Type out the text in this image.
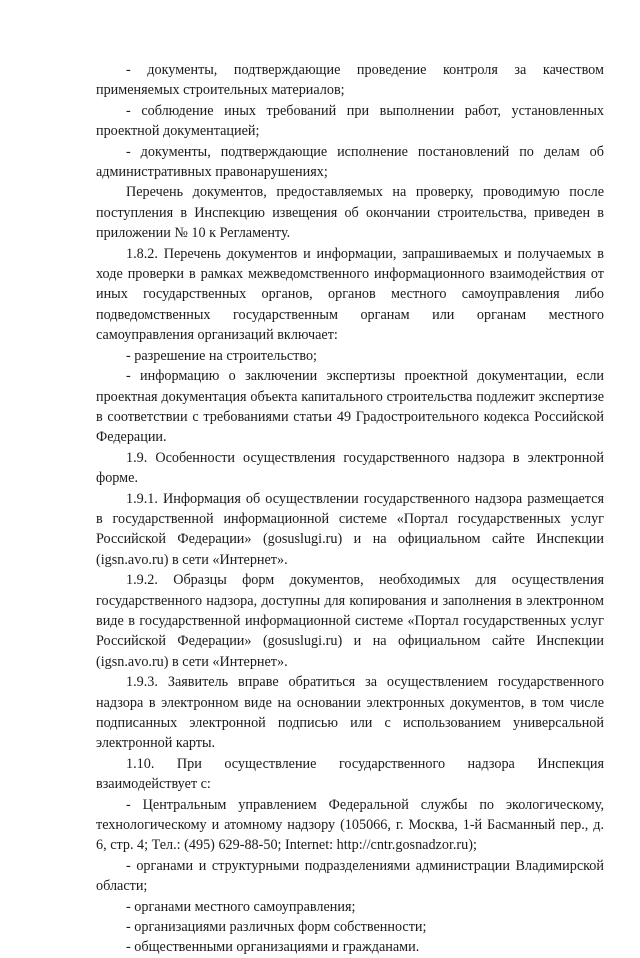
- документы, подтверждающие проведение контроля за качеством применяемых строительных материалов;

- соблюдение иных требований при выполнении работ, установленных проектной документацией;

- документы, подтверждающие исполнение постановлений по делам об административных правонарушениях;

Перечень документов, предоставляемых на проверку, проводимую после поступления в Инспекцию извещения об окончании строительства, приведен в приложении № 10 к Регламенту.

1.8.2. Перечень документов и информации, запрашиваемых и получаемых в ходе проверки в рамках межведомственного информационного взаимодействия от иных государственных органов, органов местного самоуправления либо подведомственных государственным органам или органам местного самоуправления организаций включает:

- разрешение на строительство;

- информацию о заключении экспертизы проектной документации, если проектная документация объекта капитального строительства подлежит экспертизе в соответствии с требованиями статьи 49 Градостроительного кодекса Российской Федерации.

1.9. Особенности осуществления государственного надзора в электронной форме.

1.9.1. Информация об осуществлении государственного надзора размещается в государственной информационной системе «Портал государственных услуг Российской Федерации» (gosuslugi.ru) и на официальном сайте Инспекции (igsn.avo.ru) в сети «Интернет».

1.9.2. Образцы форм документов, необходимых для осуществления государственного надзора, доступны для копирования и заполнения в электронном виде в государственной информационной системе «Портал государственных услуг Российской Федерации» (gosuslugi.ru) и на официальном сайте Инспекции (igsn.avo.ru) в сети «Интернет».

1.9.3. Заявитель вправе обратиться за осуществлением государственного надзора в электронном виде на основании электронных документов, в том числе подписанных электронной подписью или с использованием универсальной электронной карты.

1.10. При осуществление государственного надзора Инспекция взаимодействует с:

- Центральным управлением Федеральной службы по экологическому, технологическому и атомному надзору (105066, г. Москва, 1-й Басманный пер., д. 6, стр. 4; Тел.: (495) 629-88-50; Internet: http://cntr.gosnadzor.ru);

- органами и структурными подразделениями администрации Владимирской области;

- органами местного самоуправления;

- организациями различных форм собственности;

- общественными организациями и гражданами.
